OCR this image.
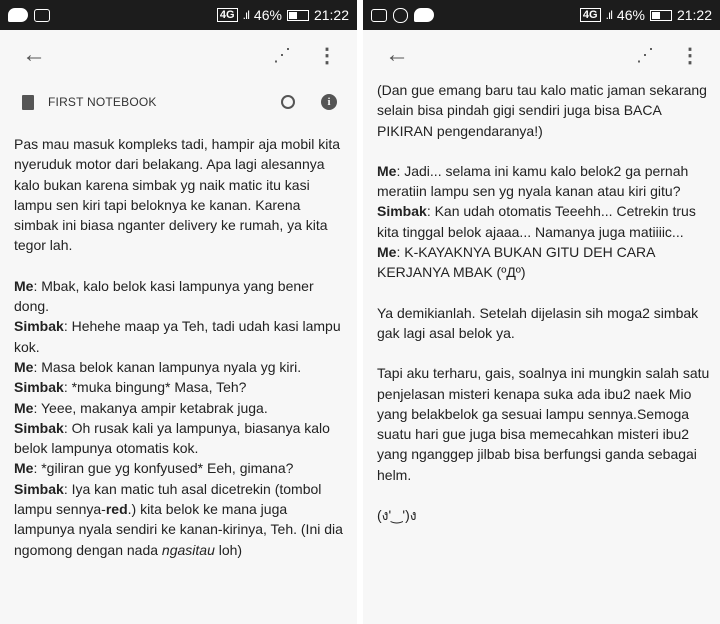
4G .ıl 46% 21:22
←	⋰ ⋮
FIRST NOTEBOOK	i

Pas mau masuk kompleks tadi, hampir aja mobil kita nyeruduk motor dari belakang. Apa lagi alesannya kalo bukan karena simbak yg naik matic itu kasi lampu sen kiri tapi beloknya ke kanan. Karena simbak ini biasa nganter delivery ke rumah, ya kita tegor lah.

Me: Mbak, kalo belok kasi lampunya yang bener dong.

Simbak: Hehehe maap ya Teh, tadi udah kasi lampu kok.

Me: Masa belok kanan lampunya nyala yg kiri.

Simbak: *muka bingung* Masa, Teh?

Me: Yeee, makanya ampir ketabrak juga.

Simbak: Oh rusak kali ya lampunya, biasanya kalo belok lampunya otomatis kok.

Me: *giliran gue yg konfyused* Eeh, gimana?

Simbak: Iya kan matic tuh asal dicetrekin (tombol lampu sennya-red.) kita belok ke mana juga lampunya nyala sendiri ke kanan-kirinya, Teh. (Ini dia ngomong dengan nada ngasitau loh)

4G .ıl 46% 21:22
←	⋰ ⋮

(Dan gue emang baru tau kalo matic jaman sekarang selain bisa pindah gigi sendiri juga bisa BACA PIKIRAN pengendaranya!)

Me: Jadi... selama ini kamu kalo belok2 ga pernah meratiin lampu sen yg nyala kanan atau kiri gitu?

Simbak: Kan udah otomatis Teeehh... Cetrekin trus kita tinggal belok ajaaa... Namanya juga matiiiic...

Me: K-KAYAKNYA BUKAN GITU DEH CARA KERJANYA MBAK (ºДº)

Ya demikianlah. Setelah dijelasin sih moga2 simbak gak lagi asal belok ya.

Tapi aku terharu, gais, soalnya ini mungkin salah satu penjelasan misteri kenapa suka ada ibu2 naek Mio yang belakbelok ga sesuai lampu sennya.Semoga suatu hari gue juga bisa memecahkan misteri ibu2 yang nganggep jilbab bisa berfungsi ganda sebagai helm.

(ง'‿')ง
